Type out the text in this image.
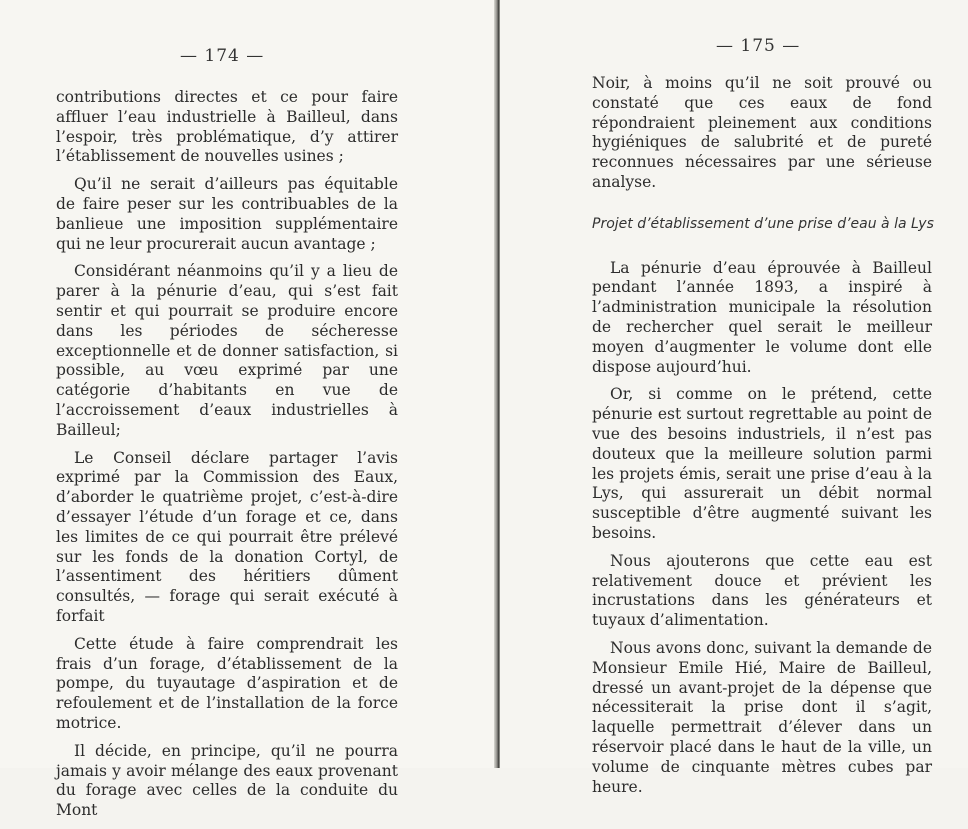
— 174 —

contributions directes et ce pour faire affluer l’eau industrielle à Bailleul, dans l’espoir, très problématique, d’y attirer l’établissement de nouvelles usines ;

Qu’il ne serait d’ailleurs pas équitable de faire peser sur les contribuables de la banlieue une imposition supplémentaire qui ne leur procurerait aucun avantage ;

Considérant néanmoins qu’il y a lieu de parer à la pénurie d’eau, qui s’est fait sentir et qui pourrait se produire encore dans les périodes de sécheresse exceptionnelle et de donner satisfaction, si possible, au vœu exprimé par une catégorie d’habitants en vue de l’accroissement d’eaux industrielles à Bailleul;

Le Conseil déclare partager l’avis exprimé par la Commission des Eaux, d’aborder le quatrième projet, c’est-à-dire d’essayer l’étude d’un forage et ce, dans les limites de ce qui pourrait être prélevé sur les fonds de la donation Cortyl, de l’assentiment des héritiers dûment consultés, — forage qui serait exécuté à forfait

Cette étude à faire comprendrait les frais d’un forage, d’établissement de la pompe, du tuyautage d’aspiration et de refoulement et de l’installation de la force motrice.

Il décide, en principe, qu’il ne pourra jamais y avoir mélange des eaux provenant du forage avec celles de la conduite du Mont

— 175 —

Noir, à moins qu’il ne soit prouvé ou constaté que ces eaux de fond répondraient pleinement aux conditions hygiéniques de salubrité et de pureté reconnues nécessaires par une sérieuse analyse.

Projet d’établissement d’une prise d’eau à la Lys

La pénurie d’eau éprouvée à Bailleul pendant l’année 1893, a inspiré à l’administration municipale la résolution de rechercher quel serait le meilleur moyen d’augmenter le volume dont elle dispose aujourd’hui.

Or, si comme on le prétend, cette pénurie est surtout regrettable au point de vue des besoins industriels, il n’est pas douteux que la meilleure solution parmi les projets émis, serait une prise d’eau à la Lys, qui assurerait un débit normal susceptible d’être augmenté suivant les besoins.

Nous ajouterons que cette eau est relativement douce et prévient les incrustations dans les générateurs et tuyaux d’alimentation.

Nous avons donc, suivant la demande de Monsieur Emile Hié, Maire de Bailleul, dressé un avant-projet de la dépense que nécessiterait la prise dont il s’agit, laquelle permettrait d’élever dans un réservoir placé dans le haut de la ville, un volume de cinquante mètres cubes par heure.
